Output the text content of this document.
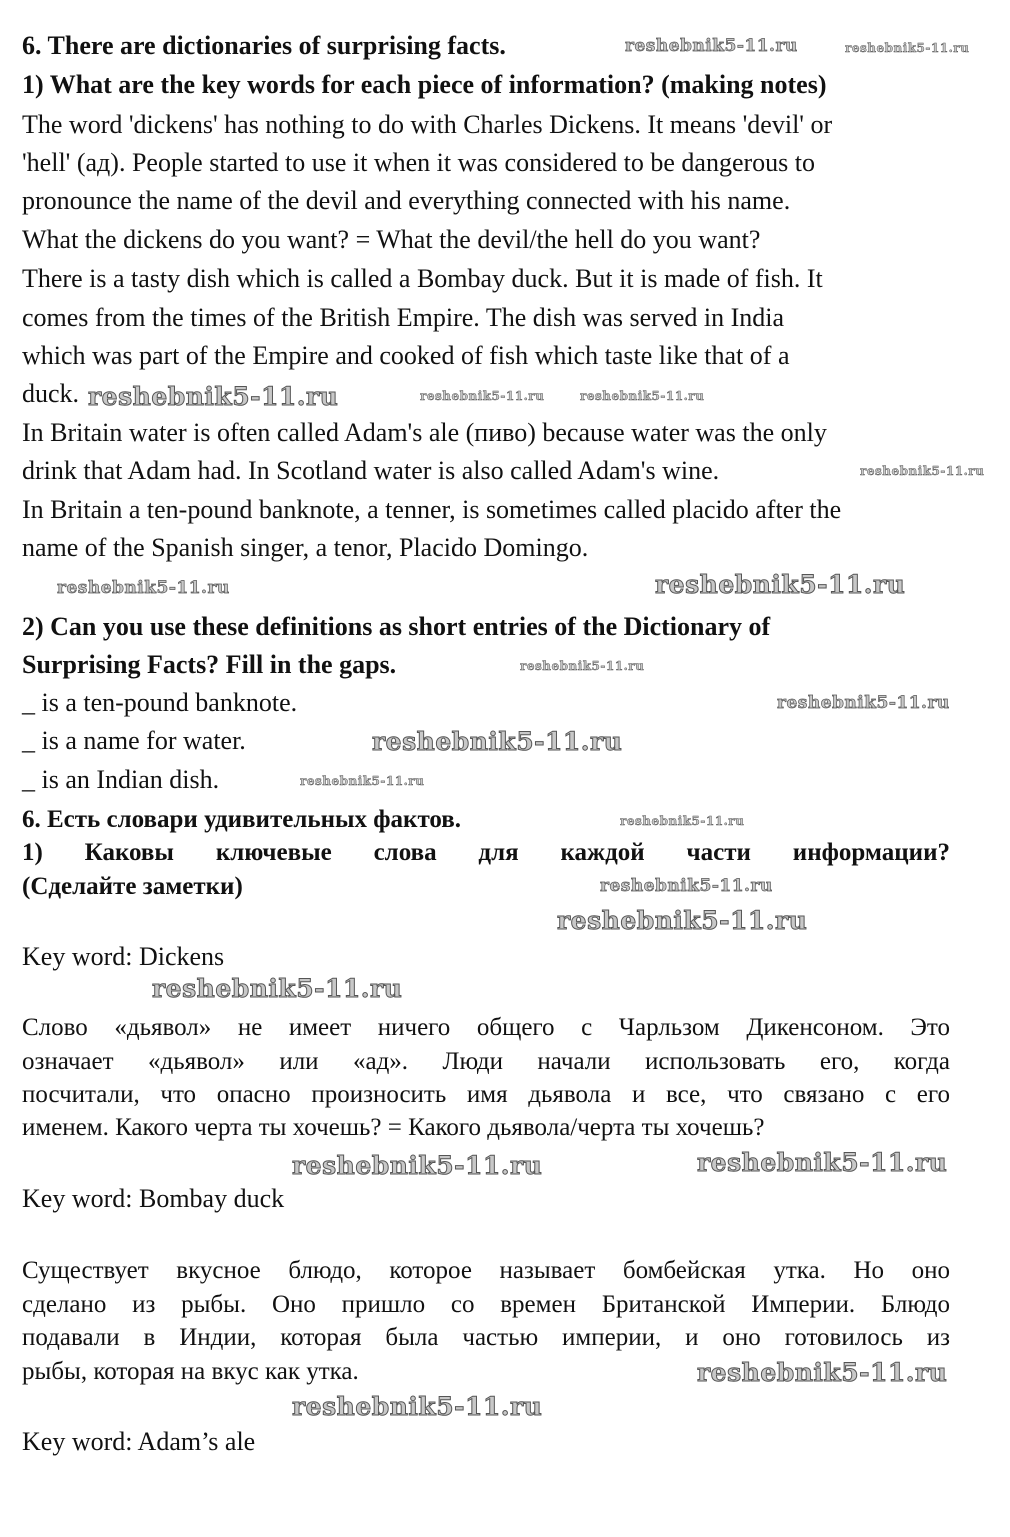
6. There are dictionaries of surprising facts.
1) What are the key words for each piece of information? (making notes)
The word 'dickens' has nothing to do with Charles Dickens. It means 'devil' or
'hell' (ад). People started to use it when it was considered to be dangerous to
pronounce the name of the devil and everything connected with his name.
What the dickens do you want? = What the devil/the hell do you want?
There is a tasty dish which is called a Bombay duck. But it is made of fish. It
comes from the times of the British Empire. The dish was served in India
which was part of the Empire and cooked of fish which taste like that of a
duck.
In Britain water is often called Adam's ale (пиво) because water was the only
drink that Adam had. In Scotland water is also called Adam's wine.
In Britain a ten-pound banknote, a tenner, is sometimes called placido after the
name of the Spanish singer, a tenor, Placido Domingo.
2) Can you use these definitions as short entries of the Dictionary of
Surprising Facts? Fill in the gaps.
_ is a ten-pound banknote.
_ is a name for water.
_ is an Indian dish.
6. Есть словари удивительных фактов.
1) Каковы ключевые слова для каждой части информации?
(Сделайте заметки)
Key word: Dickens
Слово «дьявол» не имеет ничего общего с Чарльзом Дикенсоном. Это
означает «дьявол» или «ад». Люди начали использовать его, когда
посчитали, что опасно произносить имя дьявола и все, что связано с его
именем. Какого черта ты хочешь? = Какого дьявола/черта ты хочешь?
Key word: Bombay duck
Существует вкусное блюдо, которое называет бомбейская утка. Но оно
сделано из рыбы. Оно пришло со времен Британской Империи. Блюдо
подавали в Индии, которая была частью империи, и оно готовилось из
рыбы, которая на вкус как утка.
Key word: Adam’s ale
reshebnik5-11.ru	reshebnik5-11.ru
reshebnik5-11.ru	reshebnik5-11.ru	reshebnik5-11.ru
reshebnik5-11.ru
reshebnik5-11.ru
reshebnik5-11.ru
reshebnik5-11.ru
reshebnik5-11.ru
reshebnik5-11.ru
reshebnik5-11.ru
reshebnik5-11.ru
reshebnik5-11.ru
reshebnik5-11.ru
reshebnik5-11.ru
reshebnik5-11.ru
reshebnik5-11.ru
reshebnik5-11.ru
reshebnik5-11.ru
